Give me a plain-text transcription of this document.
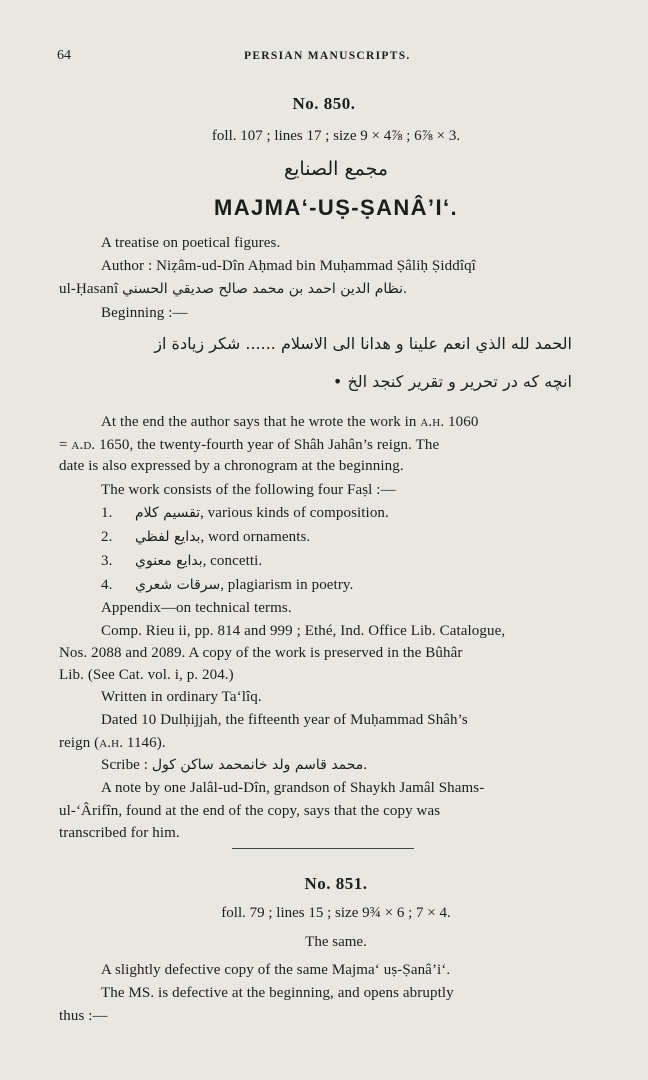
64	PERSIAN MANUSCRIPTS.
No. 850.
foll. 107 ; lines 17 ; size 9 × 4⅞ ; 6⅞ × 3.
مجمع الصنايع
MAJMA‘-UṢ-ṢANÂ’I‘.
A treatise on poetical figures.
Author : Niẓâm-ud-Dîn Aḥmad bin Muḥammad Ṣâliḥ Ṣiddîqî
ul-Ḥasanî نظام الدين احمد بن محمد صالح صديقي الحسني.
Beginning :—
الحمد لله الذي انعم علينا و هدانا الى الاسلام ...... شكر زيادة از
انچه كه در تحرير و تقرير كنجد الخ •
At the end the author says that he wrote the work in a.h. 1060
= a.d. 1650, the twenty-fourth year of Shâh Jahân’s reign. The
date is also expressed by a chronogram at the beginning.
The work consists of the following four Faṣl :—
1. تقسيم كلام, various kinds of composition.
2. بدايع لفظي, word ornaments.
3. بدايع معنوي, concetti.
4. سرقات شعري, plagiarism in poetry.
Appendix—on technical terms.
Comp. Rieu ii, pp. 814 and 999 ; Ethé, Ind. Office Lib. Catalogue,
Nos. 2088 and 2089. A copy of the work is preserved in the Bûhâr
Lib. (See Cat. vol. i, p. 204.)
Written in ordinary Ta‘lîq.
Dated 10 Dulḥijjah, the fifteenth year of Muḥammad Shâh’s
reign (a.h. 1146).
Scribe : محمد قاسم ولد خانمحمد ساكن كول.
A note by one Jalâl-ud-Dîn, grandson of Shaykh Jamâl Shams-
ul-‘Ârifîn, found at the end of the copy, says that the copy was
transcribed for him.
No. 851.
foll. 79 ; lines 15 ; size 9¾ × 6 ; 7 × 4.
The same.
A slightly defective copy of the same Majma‘ uṣ-Ṣanâ’i‘.
The MS. is defective at the beginning, and opens abruptly
thus :—
